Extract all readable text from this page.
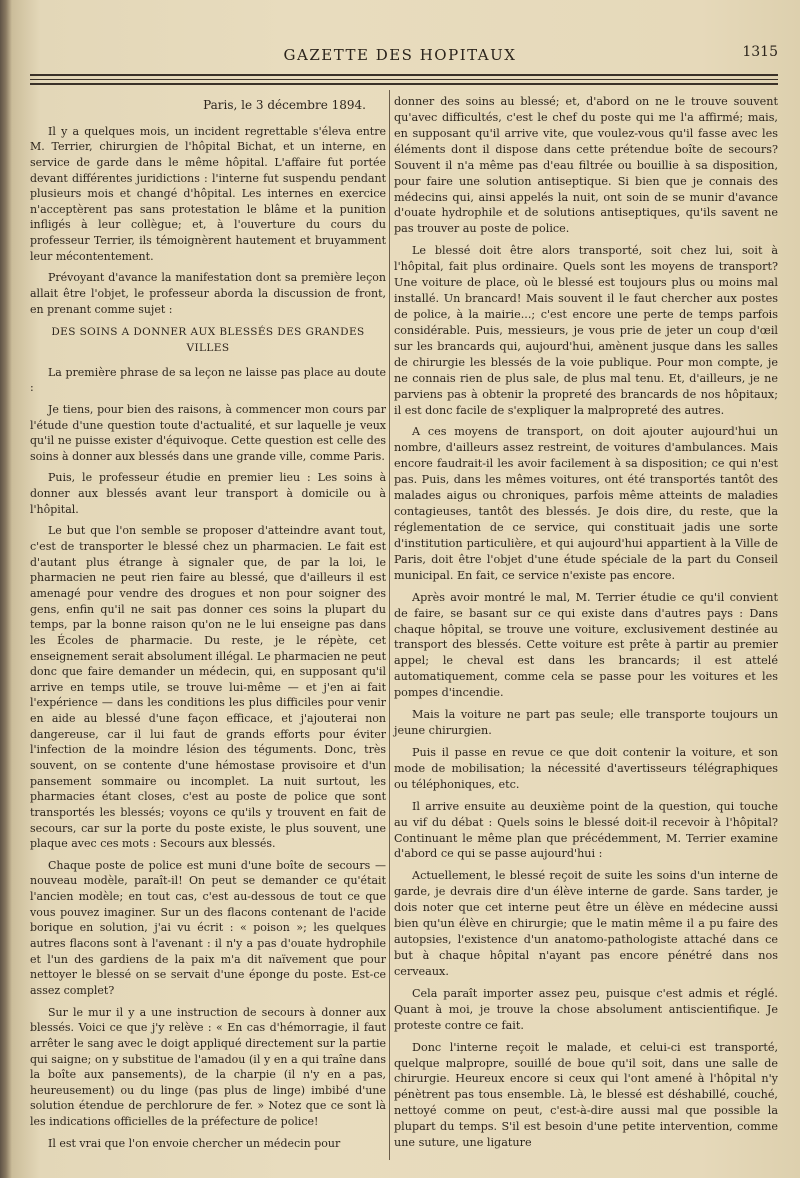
GAZETTE DES HOPITAUX	1315
Paris, le 3 décembre 1894.

Il y a quelques mois, un incident regrettable s'éleva entre M. Terrier, chirurgien de l'hôpital Bichat, et un interne, en service de garde dans le même hôpital. L'affaire fut portée devant différentes juridictions : l'interne fut suspendu pendant plusieurs mois et changé d'hôpital. Les internes en exercice n'acceptèrent pas sans protestation le blâme et la punition infligés à leur collègue; et, à l'ouverture du cours du professeur Terrier, ils témoignèrent hautement et bruyamment leur mécontentement.

Prévoyant d'avance la manifestation dont sa première leçon allait être l'objet, le professeur aborda la discussion de front, en prenant comme sujet :

DES SOINS A DONNER AUX BLESSÉS DES GRANDES VILLES

La première phrase de sa leçon ne laisse pas place au doute :

Je tiens, pour bien des raisons, à commencer mon cours par l'étude d'une question toute d'actualité, et sur laquelle je veux qu'il ne puisse exister d'équivoque. Cette question est celle des soins à donner aux blessés dans une grande ville, comme Paris.

Puis, le professeur étudie en premier lieu : Les soins à donner aux blessés avant leur transport à domicile ou à l'hôpital.

Le but que l'on semble se proposer d'atteindre avant tout, c'est de transporter le blessé chez un pharmacien. Le fait est d'autant plus étrange à signaler que, de par la loi, le pharmacien ne peut rien faire au blessé, que d'ailleurs il est amenagé pour vendre des drogues et non pour soigner des gens, enfin qu'il ne sait pas donner ces soins la plupart du temps, par la bonne raison qu'on ne le lui enseigne pas dans les Écoles de pharmacie. Du reste, je le répète, cet enseignement serait absolument illégal. Le pharmacien ne peut donc que faire demander un médecin, qui, en supposant qu'il arrive en temps utile, se trouve lui-même — et j'en ai fait l'expérience — dans les conditions les plus difficiles pour venir en aide au blessé d'une façon efficace, et j'ajouterai non dangereuse, car il lui faut de grands efforts pour éviter l'infection de la moindre lésion des téguments. Donc, très souvent, on se contente d'une hémostase provisoire et d'un pansement sommaire ou incomplet. La nuit surtout, les pharmacies étant closes, c'est au poste de police que sont transportés les blessés; voyons ce qu'ils y trouvent en fait de secours, car sur la porte du poste existe, le plus souvent, une plaque avec ces mots : Secours aux blessés.

Chaque poste de police est muni d'une boîte de secours — nouveau modèle, paraît-il! On peut se demander ce qu'était l'ancien modèle; en tout cas, c'est au-dessous de tout ce que vous pouvez imaginer. Sur un des flacons contenant de l'acide borique en solution, j'ai vu écrit : « poison »; les quelques autres flacons sont à l'avenant : il n'y a pas d'ouate hydrophile et l'un des gardiens de la paix m'a dit naïvement que pour nettoyer le blessé on se servait d'une éponge du poste. Est-ce assez complet?

Sur le mur il y a une instruction de secours à donner aux blessés. Voici ce que j'y relève : « En cas d'hémorragie, il faut arrêter le sang avec le doigt appliqué directement sur la partie qui saigne; on y substitue de l'amadou (il y en a qui traîne dans la boîte aux pansements), de la charpie (il n'y en a pas, heureusement) ou du linge (pas plus de linge) imbibé d'une solution étendue de perchlorure de fer. » Notez que ce sont là les indications officielles de la préfecture de police!

Il est vrai que l'on envoie chercher un médecin pour

donner des soins au blessé; et, d'abord on ne le trouve souvent qu'avec difficultés, c'est le chef du poste qui me l'a affirmé; mais, en supposant qu'il arrive vite, que voulez-vous qu'il fasse avec les éléments dont il dispose dans cette prétendue boîte de secours? Souvent il n'a même pas d'eau filtrée ou bouillie à sa disposition, pour faire une solution antiseptique. Si bien que je connais des médecins qui, ainsi appelés la nuit, ont soin de se munir d'avance d'ouate hydrophile et de solutions antiseptiques, qu'ils savent ne pas trouver au poste de police.

Le blessé doit être alors transporté, soit chez lui, soit à l'hôpital, fait plus ordinaire. Quels sont les moyens de transport? Une voiture de place, où le blessé est toujours plus ou moins mal installé. Un brancard! Mais souvent il le faut chercher aux postes de police, à la mairie...; c'est encore une perte de temps parfois considérable. Puis, messieurs, je vous prie de jeter un coup d'œil sur les brancards qui, aujourd'hui, amènent jusque dans les salles de chirurgie les blessés de la voie publique. Pour mon compte, je ne connais rien de plus sale, de plus mal tenu. Et, d'ailleurs, je ne parviens pas à obtenir la propreté des brancards de nos hôpitaux; il est donc facile de s'expliquer la malpropreté des autres.

A ces moyens de transport, on doit ajouter aujourd'hui un nombre, d'ailleurs assez restreint, de voitures d'ambulances. Mais encore faudrait-il les avoir facilement à sa disposition; ce qui n'est pas. Puis, dans les mêmes voitures, ont été transportés tantôt des malades aigus ou chroniques, parfois même atteints de maladies contagieuses, tantôt des blessés. Je dois dire, du reste, que la réglementation de ce service, qui constituait jadis une sorte d'institution particulière, et qui aujourd'hui appartient à la Ville de Paris, doit être l'objet d'une étude spéciale de la part du Conseil municipal. En fait, ce service n'existe pas encore.

Après avoir montré le mal, M. Terrier étudie ce qu'il convient de faire, se basant sur ce qui existe dans d'autres pays : Dans chaque hôpital, se trouve une voiture, exclusivement destinée au transport des blessés. Cette voiture est prête à partir au premier appel; le cheval est dans les brancards; il est attelé automatiquement, comme cela se passe pour les voitures et les pompes d'incendie.

Mais la voiture ne part pas seule; elle transporte toujours un jeune chirurgien.

Puis il passe en revue ce que doit contenir la voiture, et son mode de mobilisation; la nécessité d'avertisseurs télégraphiques ou téléphoniques, etc.

Il arrive ensuite au deuxième point de la question, qui touche au vif du débat : Quels soins le blessé doit-il recevoir à l'hôpital? Continuant le même plan que précédemment, M. Terrier examine d'abord ce qui se passe aujourd'hui :

Actuellement, le blessé reçoit de suite les soins d'un interne de garde, je devrais dire d'un élève interne de garde. Sans tarder, je dois noter que cet interne peut être un élève en médecine aussi bien qu'un élève en chirurgie; que le matin même il a pu faire des autopsies, l'existence d'un anatomo-pathologiste attaché dans ce but à chaque hôpital n'ayant pas encore pénétré dans nos cerveaux.

Cela paraît importer assez peu, puisque c'est admis et réglé. Quant à moi, je trouve la chose absolument antiscientifique. Je proteste contre ce fait.

Donc l'interne reçoit le malade, et celui-ci est transporté, quelque malpropre, souillé de boue qu'il soit, dans une salle de chirurgie. Heureux encore si ceux qui l'ont amené à l'hôpital n'y pénètrent pas tous ensemble. Là, le blessé est déshabillé, couché, nettoyé comme on peut, c'est-à-dire aussi mal que possible la plupart du temps. S'il est besoin d'une petite intervention, comme une suture, une ligature
